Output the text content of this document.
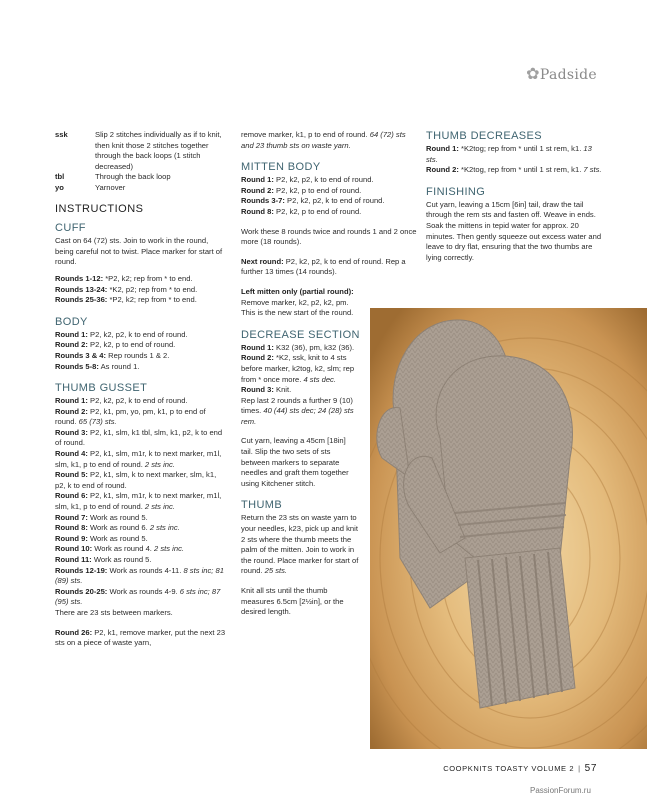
✿Padside
ssk	Slip 2 stitches individually as if to knit, then knit those 2 stitches together through the back loops (1 stitch decreased)
tbl	Through the back loop
yo	Yarnover
INSTRUCTIONS
CUFF

Cast on 64 (72) sts. Join to work in the round, being careful not to twist. Place marker for start of round.

Rounds 1-12: *P2, k2; rep from * to end.

Rounds 13-24: *K2, p2; rep from * to end.

Rounds 25-36: *P2, k2; rep from * to end.

BODY

Round 1: P2, k2, p2, k to end of round.

Round 2: P2, k2, p to end of round.

Rounds 3 & 4: Rep rounds 1 & 2.

Rounds 5-8: As round 1.

THUMB GUSSET

Round 1: P2, k2, p2, k to end of round.

Round 2: P2, k1, pm, yo, pm, k1, p to end of round. 65 (73) sts.

Round 3: P2, k1, slm, k1 tbl, slm, k1, p2, k to end of round.

Round 4: P2, k1, slm, m1r, k to next marker, m1l, slm, k1, p to end of round. 2 sts inc.

Round 5: P2, k1, slm, k to next marker, slm, k1, p2, k to end of round.

Round 6: P2, k1, slm, m1r, k to next marker, m1l, slm, k1, p to end of round. 2 sts inc.

Round 7: Work as round 5.

Round 8: Work as round 6. 2 sts inc.

Round 9: Work as round 5.

Round 10: Work as round 4. 2 sts inc.

Round 11: Work as round 5.

Rounds 12-19: Work as rounds 4-11. 8 sts inc; 81 (89) sts.

Rounds 20-25: Work as rounds 4-9. 6 sts inc; 87 (95) sts.

There are 23 sts between markers.

Round 26: P2, k1, remove marker, put the next 23 sts on a piece of waste yarn,

remove marker, k1, p to end of round. 64 (72) sts and 23 thumb sts on waste yarn.

MITTEN BODY

Round 1: P2, k2, p2, k to end of round.

Round 2: P2, k2, p to end of round.

Rounds 3-7: P2, k2, p2, k to end of round.

Round 8: P2, k2, p to end of round.

Work these 8 rounds twice and rounds 1 and 2 once more (18 rounds).

Next round: P2, k2, p2, k to end of round. Rep a further 13 times (14 rounds).

Left mitten only (partial round): Remove marker, k2, p2, k2, pm. This is the new start of the round.

DECREASE SECTION

Round 1: K32 (36), pm, k32 (36).

Round 2: *K2, ssk, knit to 4 sts before marker, k2tog, k2, slm; rep from * once more. 4 sts dec.

Round 3: Knit.

Rep last 2 rounds a further 9 (10) times. 40 (44) sts dec; 24 (28) sts rem.

Cut yarn, leaving a 45cm [18in] tail. Slip the two sets of sts between markers to separate needles and graft them together using Kitchener stitch.

THUMB

Return the 23 sts on waste yarn to your needles, k23, pick up and knit 2 sts where the thumb meets the palm of the mitten. Join to work in the round. Place marker for start of round. 25 sts.

Knit all sts until the thumb measures 6.5cm [2½in], or the desired length.

THUMB DECREASES

Round 1: *K2tog; rep from * until 1 st rem, k1. 13 sts.

Round 2: *K2tog, rep from * until 1 st rem, k1. 7 sts.

FINISHING

Cut yarn, leaving a 15cm [6in] tail, draw the tail through the rem sts and fasten off. Weave in ends. Soak the mittens in tepid water for approx. 20 minutes. Then gently squeeze out excess water and leave to dry flat, ensuring that the two thumbs are lying correctly.

COOPKNITS TOASTY VOLUME 2 | 57
PassionForum.ru
